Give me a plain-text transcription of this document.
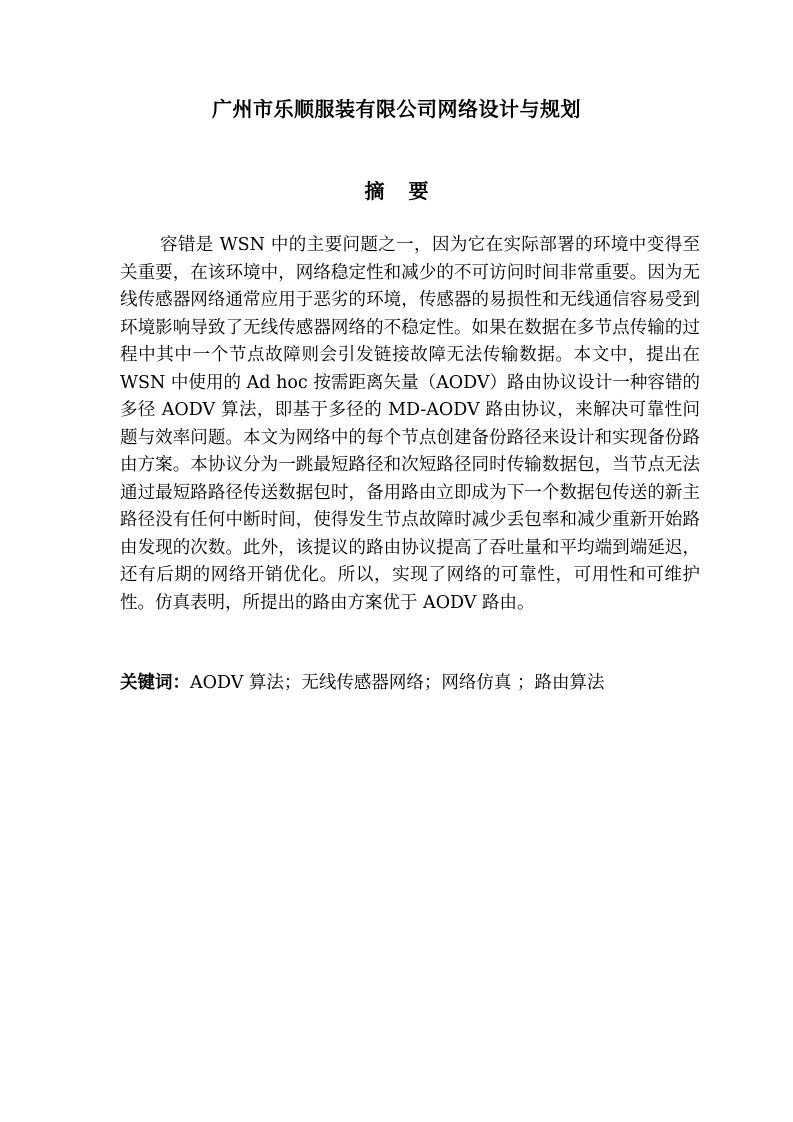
广州市乐顺服装有限公司网络设计与规划
摘要

容错是 WSN 中的主要问题之一，因为它在实际部署的环境中变得至关重要，在该环境中，网络稳定性和减少的不可访问时间非常重要。因为无线传感器网络通常应用于恶劣的环境，传感器的易损性和无线通信容易受到环境影响导致了无线传感器网络的不稳定性。如果在数据在多节点传输的过程中其中一个节点故障则会引发链接故障无法传输数据。本文中，提出在 WSN 中使用的 Ad hoc 按需距离矢量（AODV）路由协议设计一种容错的多径 AODV 算法，即基于多径的 MD-AODV 路由协议，来解决可靠性问题与效率问题。本文为网络中的每个节点创建备份路径来设计和实现备份路由方案。本协议分为一跳最短路径和次短路径同时传输数据包，当节点无法通过最短路路径传送数据包时，备用路由立即成为下一个数据包传送的新主路径没有任何中断时间，使得发生节点故障时减少丢包率和减少重新开始路由发现的次数。此外，该提议的路由协议提高了吞吐量和平均端到端延迟，还有后期的网络开销优化。所以，实现了网络的可靠性，可用性和可维护性。仿真表明，所提出的路由方案优于 AODV 路由。

关键词：AODV 算法；无线传感器网络；网络仿真 ；路由算法
